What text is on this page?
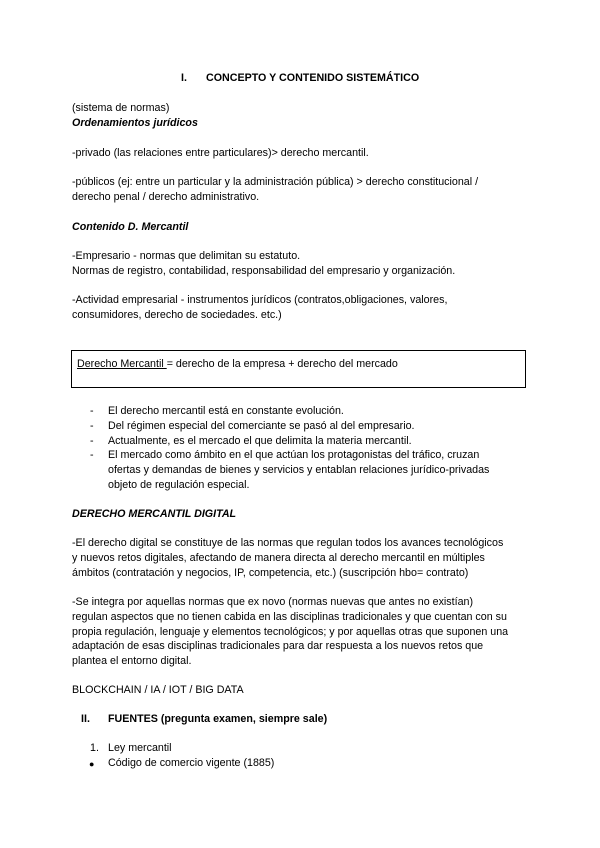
I. CONCEPTO Y CONTENIDO SISTEMÁTICO
(sistema de normas)
Ordenamientos jurídicos
-privado (las relaciones entre particulares)> derecho mercantil.
-públicos (ej: entre un particular y la administración pública) > derecho constitucional /
derecho penal / derecho administrativo.
Contenido D. Mercantil
-Empresario - normas que delimitan su estatuto.
Normas de registro, contabilidad, responsabilidad del empresario y organización.
-Actividad empresarial - instrumentos jurídicos (contratos,obligaciones, valores,
consumidores, derecho de sociedades. etc.)
Derecho Mercantil = derecho de la empresa + derecho del mercado
- El derecho mercantil está en constante evolución.
- Del régimen especial del comerciante se pasó al del empresario.
- Actualmente, es el mercado el que delimita la materia mercantil.
- El mercado como ámbito en el que actúan los protagonistas del tráfico, cruzan
ofertas y demandas de bienes y servicios y entablan relaciones jurídico-privadas
objeto de regulación especial.
DERECHO MERCANTIL DIGITAL
-El derecho digital se constituye de las normas que regulan todos los avances tecnológicos
y nuevos retos digitales, afectando de manera directa al derecho mercantil en múltiples
ámbitos (contratación y negocios, IP, competencia, etc.) (suscripción hbo= contrato)
-Se integra por aquellas normas que ex novo (normas nuevas que antes no existían)
regulan aspectos que no tienen cabida en las disciplinas tradicionales y que cuentan con su
propia regulación, lenguaje y elementos tecnológicos; y por aquellas otras que suponen una
adaptación de esas disciplinas tradicionales para dar respuesta a los nuevos retos que
plantea el entorno digital.
BLOCKCHAIN / IA / IOT / BIG DATA
II. FUENTES (pregunta examen, siempre sale)
1. Ley mercantil
● Código de comercio vigente (1885)
